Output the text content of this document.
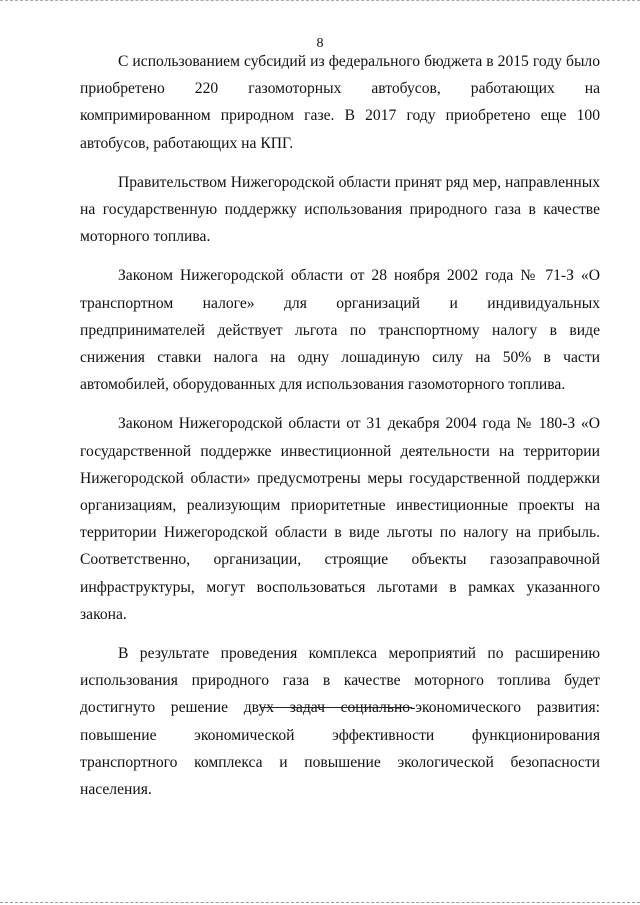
8

С использованием субсидий из федерального бюджета в 2015 году было приобретено 220 газомоторных автобусов, работающих на компримированном природном газе. В 2017 году приобретено еще 100 автобусов, работающих на КПГ.

Правительством Нижегородской области принят ряд мер, направленных на государственную поддержку использования природного газа в качестве моторного топлива.

Законом Нижегородской области от 28 ноября 2002 года № 71-З «О транспортном налоге» для организаций и индивидуальных предпринимателей действует льгота по транспортному налогу в виде снижения ставки налога на одну лошадиную силу на 50% в части автомобилей, оборудованных для использования газомоторного топлива.

Законом Нижегородской области от 31 декабря 2004 года № 180-З «О государственной поддержке инвестиционной деятельности на территории Нижегородской области» предусмотрены меры государственной поддержки организациям, реализующим приоритетные инвестиционные проекты на территории Нижегородской области в виде льготы по налогу на прибыль. Соответственно, организации, строящие объекты газозаправочной инфраструктуры, могут воспользоваться льготами в рамках указанного закона.

В результате проведения комплекса мероприятий по расширению использования природного газа в качестве моторного топлива будет достигнуто решение двух задач социально-экономического развития: повышение экономической эффективности функционирования транспортного комплекса и повышение экологической безопасности населения.
